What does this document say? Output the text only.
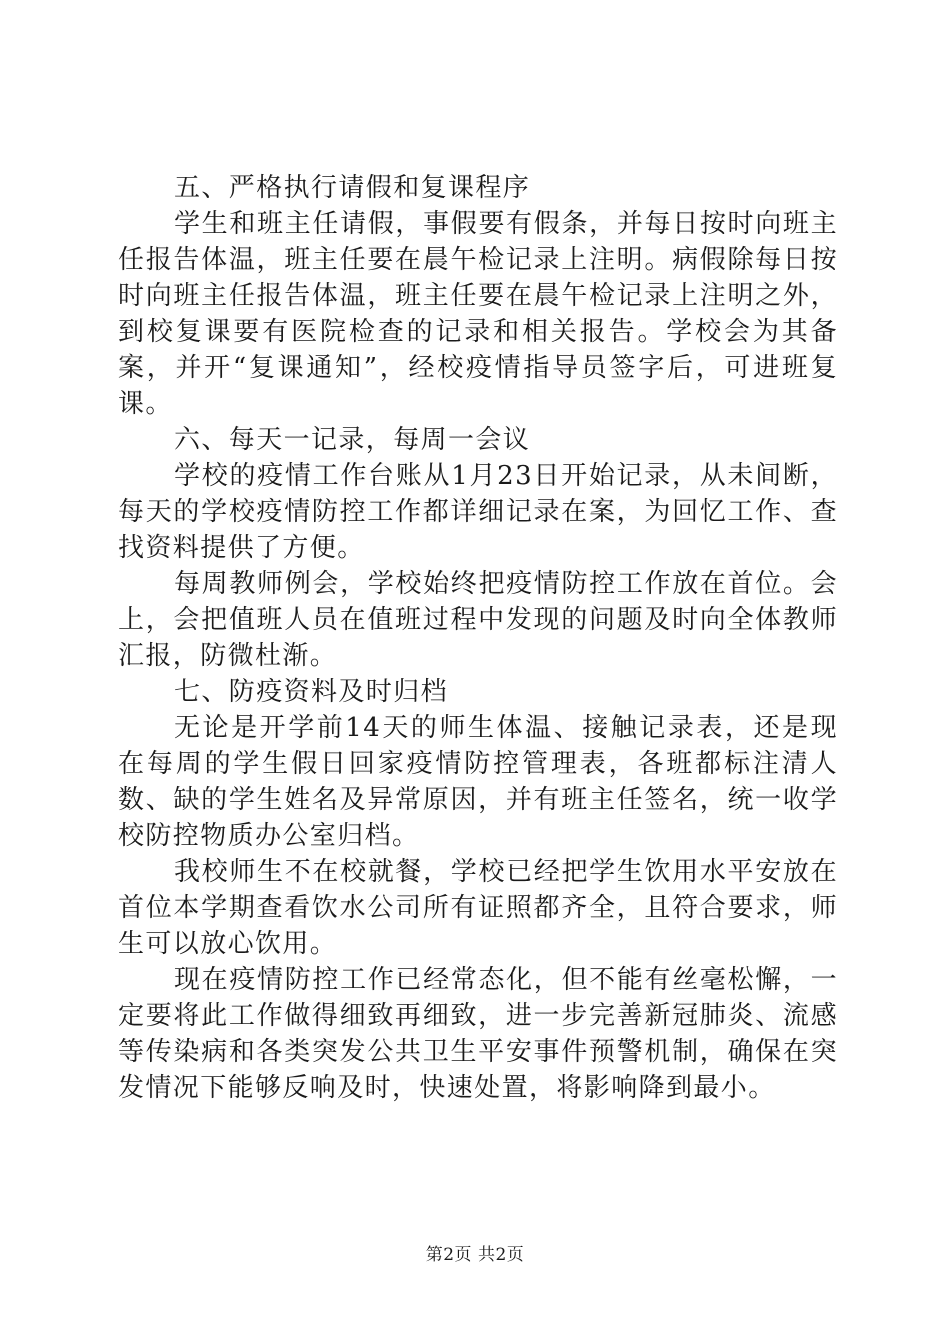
五、严格执行请假和复课程序

学生和班主任请假，事假要有假条，并每日按时向班主任报告体温，班主任要在晨午检记录上注明。病假除每日按时向班主任报告体温，班主任要在晨午检记录上注明之外，到校复课要有医院检查的记录和相关报告。学校会为其备案，并开“复课通知”，经校疫情指导员签字后，可进班复课。

六、每天一记录，每周一会议

学校的疫情工作台账从1月23日开始记录，从未间断，每天的学校疫情防控工作都详细记录在案，为回忆工作、查找资料提供了方便。

每周教师例会，学校始终把疫情防控工作放在首位。会上，会把值班人员在值班过程中发现的问题及时向全体教师汇报，防微杜渐。

七、防疫资料及时归档

无论是开学前14天的师生体温、接触记录表，还是现在每周的学生假日回家疫情防控管理表，各班都标注清人数、缺的学生姓名及异常原因，并有班主任签名，统一收学校防控物质办公室归档。

我校师生不在校就餐，学校已经把学生饮用水平安放在首位本学期查看饮水公司所有证照都齐全，且符合要求，师生可以放心饮用。

现在疫情防控工作已经常态化，但不能有丝毫松懈，一定要将此工作做得细致再细致，进一步完善新冠肺炎、流感等传染病和各类突发公共卫生平安事件预警机制，确保在突发情况下能够反响及时，快速处置，将影响降到最小。

第2页 共2页
